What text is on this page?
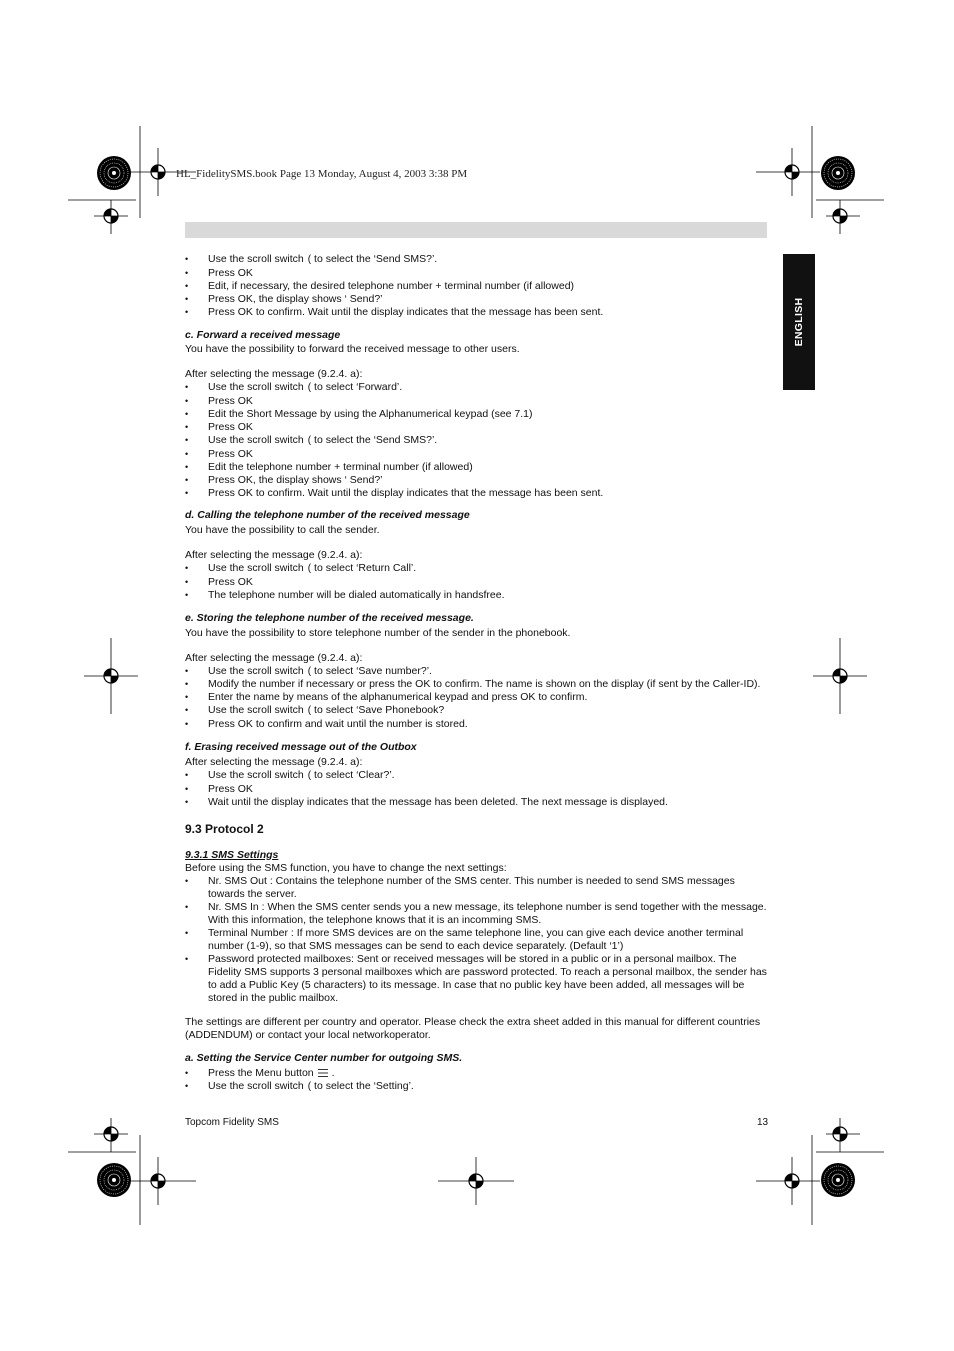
HL_FidelitySMS.book Page 13 Monday, August 4, 2003 3:38 PM
ENGLISH
• Use the scroll switch ( to select the ‘Send SMS?’.
• Press OK
• Edit, if necessary, the desired telephone number + terminal number (if allowed)
• Press OK, the display shows ‘ Send?’
• Press OK to confirm. Wait until the display indicates that the message has been sent.

c. Forward a received message

You have the possibility to forward the received message to other users.

After selecting the message (9.2.4. a):

• Use the scroll switch ( to select ‘Forward’.
• Press OK
• Edit the Short Message by using the Alphanumerical keypad (see 7.1)
• Press OK
• Use the scroll switch ( to select the ‘Send SMS?’.
• Press OK
• Edit the telephone number + terminal number (if allowed)
• Press OK, the display shows ‘ Send?’
• Press OK to confirm. Wait until the display indicates that the message has been sent.

d. Calling the telephone number of the received message

You have the possibility to call the sender.

After selecting the message (9.2.4. a):

• Use the scroll switch ( to select ‘Return Call’.
• Press OK
• The telephone number will be dialed automatically in handsfree.

e. Storing the telephone number of the received message.

You have the possibility to store telephone number of the sender in the phonebook.

After selecting the message (9.2.4. a):

• Use the scroll switch ( to select ‘Save number?’.
• Modify the number if necessary or press the OK to confirm. The name is shown on the display (if sent by the Caller-ID).
• Enter the name by means of the alphanumerical keypad and press OK to confirm.
• Use the scroll switch ( to select ‘Save Phonebook?
• Press OK to confirm and wait until the number is stored.

f. Erasing received message out of the Outbox

After selecting the message (9.2.4. a):

• Use the scroll switch ( to select ‘Clear?’.
• Press OK
• Wait until the display indicates that the message has been deleted. The next message is displayed.

9.3 Protocol 2

9.3.1 SMS Settings

Before using the SMS function, you have to change the next settings:

• Nr. SMS Out : Contains the telephone number of the SMS center. This number is needed to send SMS messages towards the server.
• Nr. SMS In : When the SMS center sends you a new message, its telephone number is send together with the message. With this information, the telephone knows that it is an incomming SMS.
• Terminal Number : If more SMS devices are on the same telephone line, you can give each device another terminal number (1-9), so that SMS messages can be send to each device separately. (Default ‘1’)
• Password protected mailboxes: Sent or received messages will be stored in a public or in a personal mailbox. The Fidelity SMS supports 3 personal mailboxes which are password protected. To reach a personal mailbox, the sender has to add a Public Key (5 characters) to its message. In case that no public key have been added, all messages will be stored in the public mailbox.

The settings are different per country and operator. Please check the extra sheet added in this manual for different countries (ADDENDUM) or contact your local networkoperator.

a. Setting the Service Center number for outgoing SMS.

• Press the Menu button .
• Use the scroll switch ( to select the ‘Setting’.
Topcom Fidelity SMS	13
